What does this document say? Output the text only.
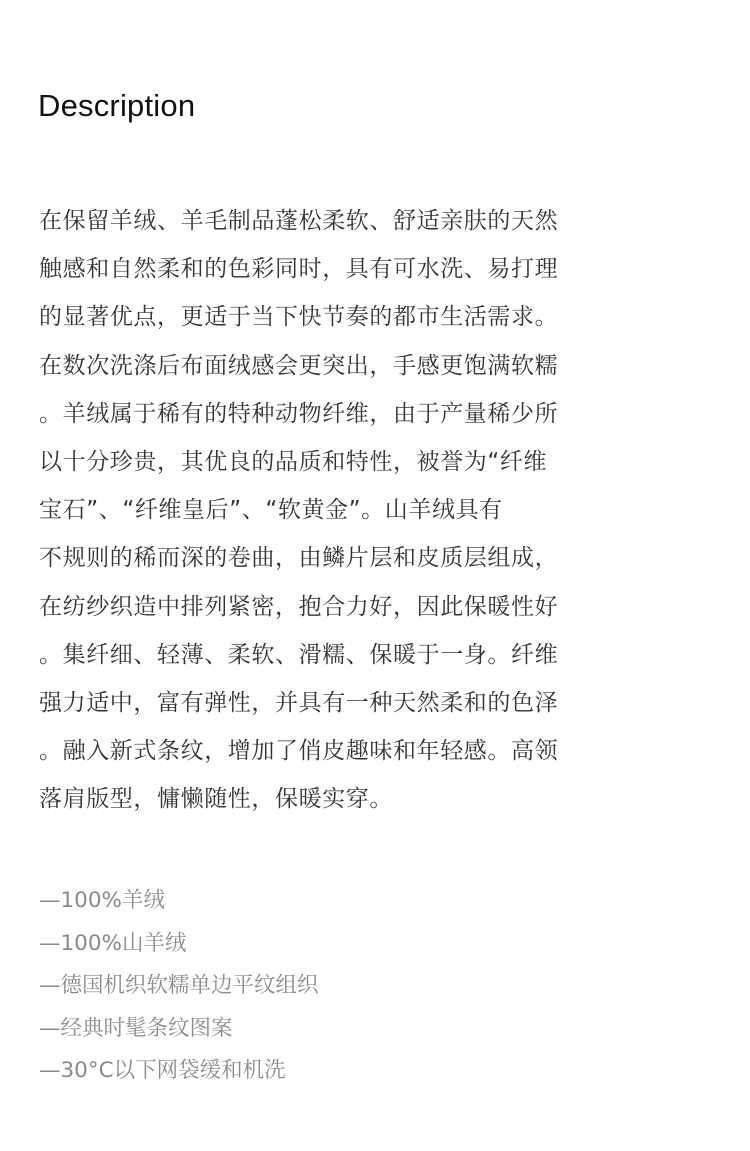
Description

在保留羊绒、羊毛制品蓬松柔软、舒适亲肤的天然
触感和自然柔和的色彩同时，具有可水洗、易打理
的显著优点，更适于当下快节奏的都市生活需求。
在数次洗涤后布面绒感会更突出，手感更饱满软糯
。羊绒属于稀有的特种动物纤维，由于产量稀少所
以十分珍贵，其优良的品质和特性，被誉为“纤维
宝石”、“纤维皇后”、“软黄金”。山羊绒具有
不规则的稀而深的卷曲，由鳞片层和皮质层组成，
在纺纱织造中排列紧密，抱合力好，因此保暖性好
。集纤细、轻薄、柔软、滑糯、保暖于一身。纤维
强力适中，富有弹性，并具有一种天然柔和的色泽
。融入新式条纹，增加了俏皮趣味和年轻感。高领
落肩版型，慵懒随性，保暖实穿。

—100%羊绒
—100%山羊绒
—德国机织软糯单边平纹组织
—经典时髦条纹图案
—30°C以下网袋缓和机洗
